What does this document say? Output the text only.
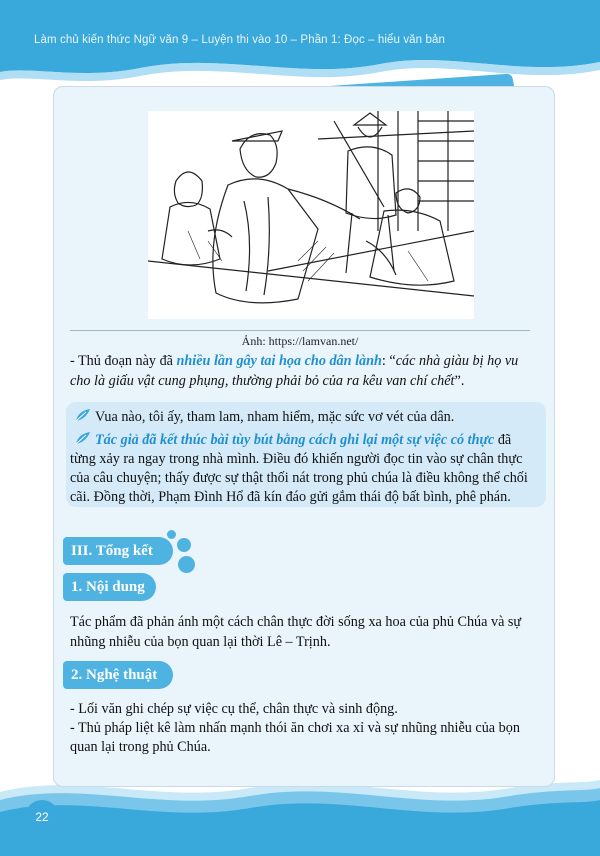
Làm chủ kiến thức Ngữ văn 9 – Luyện thi vào 10 – Phần 1: Đọc – hiểu văn bản
Ảnh: https://lamvan.net/
- Thủ đoạn này đã nhiều lần gây tai họa cho dân lành: “các nhà giàu bị họ vu cho là giấu vật cung phụng, thường phải bỏ của ra kêu van chí chết”.
Vua nào, tôi ấy, tham lam, nham hiểm, mặc sức vơ vét của dân.
Tác giả đã kết thúc bài tùy bút bằng cách ghi lại một sự việc có thực đã
từng xảy ra ngay trong nhà mình. Điều đó khiến người đọc tin vào sự chân thực
của câu chuyện; thấy được sự thật thối nát trong phủ chúa là điều không thể chối
cãi. Đồng thời, Phạm Đình Hổ đã kín đáo gửi gắm thái độ bất bình, phê phán.
III. Tổng kết
1. Nội dung
Tác phẩm đã phản ánh một cách chân thực đời sống xa hoa của phủ Chúa và sự
nhũng nhiễu của bọn quan lại thời Lê – Trịnh.
2. Nghệ thuật
- Lối văn ghi chép sự việc cụ thể, chân thực và sinh động.
- Thủ pháp liệt kê làm nhấn mạnh thói ăn chơi xa xỉ và sự nhũng nhiễu của bọn
quan lại trong phủ Chúa.
22
